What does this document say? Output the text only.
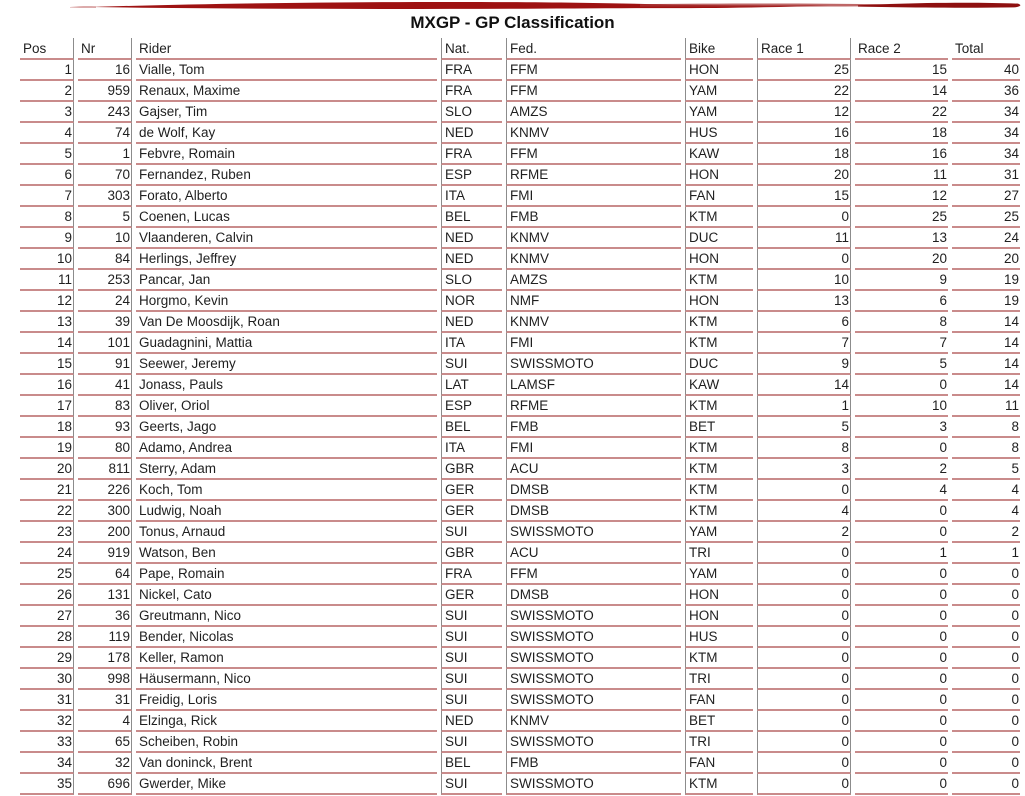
MXGP - GP Classification
Pos	Nr	Rider	Nat.	Fed.	Bike	Race 1	Race 2	Total
1	16	Vialle, Tom	FRA	FFM	HON	25	15	40
2	959	Renaux, Maxime	FRA	FFM	YAM	22	14	36
3	243	Gajser, Tim	SLO	AMZS	YAM	12	22	34
4	74	de Wolf, Kay	NED	KNMV	HUS	16	18	34
5	1	Febvre, Romain	FRA	FFM	KAW	18	16	34
6	70	Fernandez, Ruben	ESP	RFME	HON	20	11	31
7	303	Forato, Alberto	ITA	FMI	FAN	15	12	27
8	5	Coenen, Lucas	BEL	FMB	KTM	0	25	25
9	10	Vlaanderen, Calvin	NED	KNMV	DUC	11	13	24
10	84	Herlings, Jeffrey	NED	KNMV	HON	0	20	20
11	253	Pancar, Jan	SLO	AMZS	KTM	10	9	19
12	24	Horgmo, Kevin	NOR	NMF	HON	13	6	19
13	39	Van De Moosdijk, Roan	NED	KNMV	KTM	6	8	14
14	101	Guadagnini, Mattia	ITA	FMI	KTM	7	7	14
15	91	Seewer, Jeremy	SUI	SWISSMOTO	DUC	9	5	14
16	41	Jonass, Pauls	LAT	LAMSF	KAW	14	0	14
17	83	Oliver, Oriol	ESP	RFME	KTM	1	10	11
18	93	Geerts, Jago	BEL	FMB	BET	5	3	8
19	80	Adamo, Andrea	ITA	FMI	KTM	8	0	8
20	811	Sterry, Adam	GBR	ACU	KTM	3	2	5
21	226	Koch, Tom	GER	DMSB	KTM	0	4	4
22	300	Ludwig, Noah	GER	DMSB	KTM	4	0	4
23	200	Tonus, Arnaud	SUI	SWISSMOTO	YAM	2	0	2
24	919	Watson, Ben	GBR	ACU	TRI	0	1	1
25	64	Pape, Romain	FRA	FFM	YAM	0	0	0
26	131	Nickel, Cato	GER	DMSB	HON	0	0	0
27	36	Greutmann, Nico	SUI	SWISSMOTO	HON	0	0	0
28	119	Bender, Nicolas	SUI	SWISSMOTO	HUS	0	0	0
29	178	Keller, Ramon	SUI	SWISSMOTO	KTM	0	0	0
30	998	Häusermann, Nico	SUI	SWISSMOTO	TRI	0	0	0
31	31	Freidig, Loris	SUI	SWISSMOTO	FAN	0	0	0
32	4	Elzinga, Rick	NED	KNMV	BET	0	0	0
33	65	Scheiben, Robin	SUI	SWISSMOTO	TRI	0	0	0
34	32	Van doninck, Brent	BEL	FMB	FAN	0	0	0
35	696	Gwerder, Mike	SUI	SWISSMOTO	KTM	0	0	0
